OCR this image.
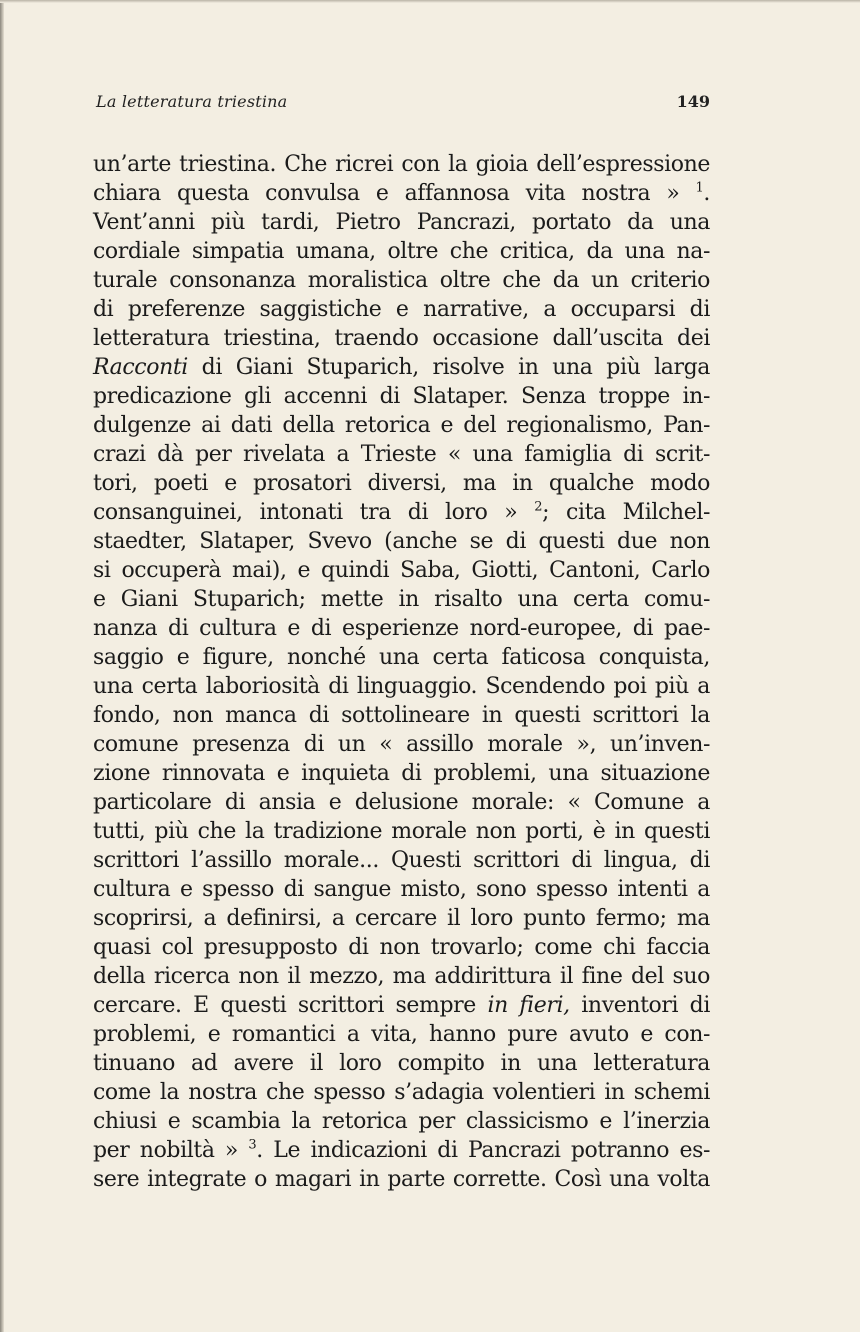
La letteratura triestina	149
un’arte triestina. Che ricrei con la gioia dell’espressione
chiara questa convulsa e affannosa vita nostra » $^1$.
Vent’anni più tardi, Pietro Pancrazi, portato da una
cordiale simpatia umana, oltre che critica, da una na-
turale consonanza moralistica oltre che da un criterio
di preferenze saggistiche e narrative, a occuparsi di
letteratura triestina, traendo occasione dall’uscita dei
Racconti di Giani Stuparich, risolve in una più larga
predicazione gli accenni di Slataper. Senza troppe in-
dulgenze ai dati della retorica e del regionalismo, Pan-
crazi dà per rivelata a Trieste « una famiglia di scrit-
tori, poeti e prosatori diversi, ma in qualche modo
consanguinei, intonati tra di loro » $^2$; cita Milchel-
staedter, Slataper, Svevo (anche se di questi due non
si occuperà mai), e quindi Saba, Giotti, Cantoni, Carlo
e Giani Stuparich; mette in risalto una certa comu-
nanza di cultura e di esperienze nord-europee, di pae-
saggio e figure, nonché una certa faticosa conquista,
una certa laboriosità di linguaggio. Scendendo poi più a
fondo, non manca di sottolineare in questi scrittori la
comune presenza di un « assillo morale », un’inven-
zione rinnovata e inquieta di problemi, una situazione
particolare di ansia e delusione morale: « Comune a
tutti, più che la tradizione morale non porti, è in questi
scrittori l’assillo morale... Questi scrittori di lingua, di
cultura e spesso di sangue misto, sono spesso intenti a
scoprirsi, a definirsi, a cercare il loro punto fermo; ma
quasi col presupposto di non trovarlo; come chi faccia
della ricerca non il mezzo, ma addirittura il fine del suo
cercare. E questi scrittori sempre in fieri, inventori di
problemi, e romantici a vita, hanno pure avuto e con-
tinuano ad avere il loro compito in una letteratura
come la nostra che spesso s’adagia volentieri in schemi
chiusi e scambia la retorica per classicismo e l’inerzia
per nobiltà » $^3$. Le indicazioni di Pancrazi potranno es-
sere integrate o magari in parte corrette. Così una volta
